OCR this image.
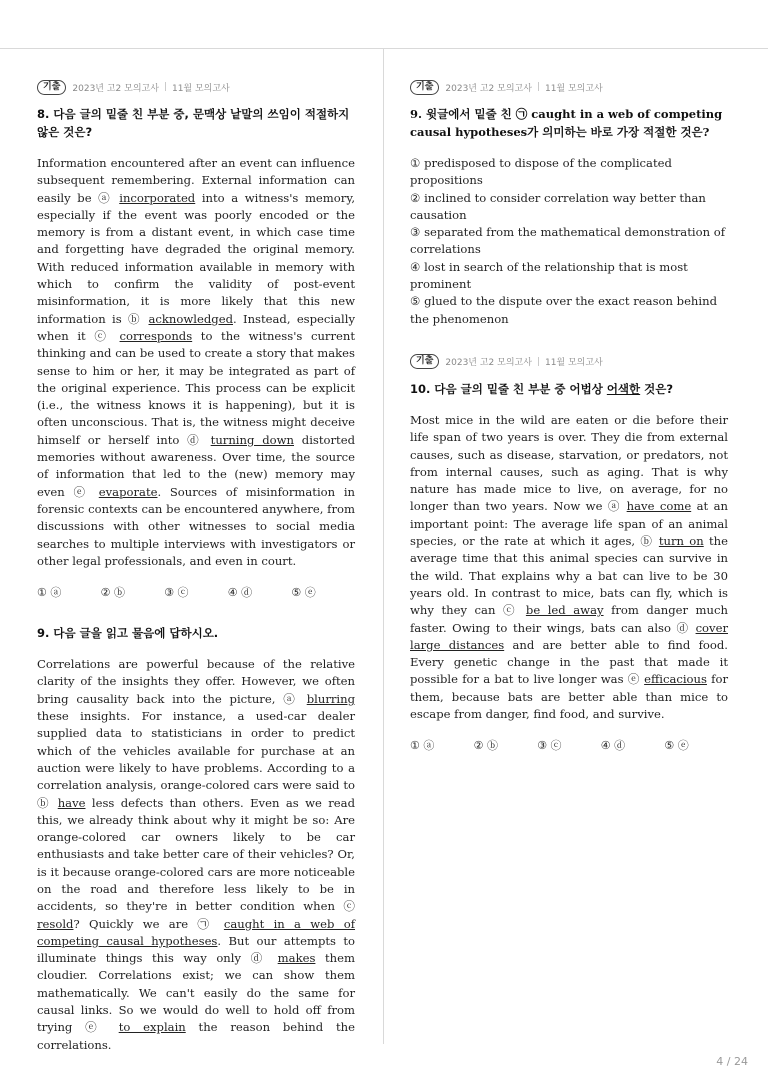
기출	2023년 고2 모의고사 | 11월 모의고사
8. 다음 글의 밑줄 친 부분 중, 문맥상 낱말의 쓰임이 적절하지 않은 것은?

Information encountered after an event can influence subsequent remembering. External information can easily be ⓐ incorporated into a witness's memory, especially if the event was poorly encoded or the memory is from a distant event, in which case time and forgetting have degraded the original memory. With reduced information available in memory with which to confirm the validity of post-event misinformation, it is more likely that this new information is ⓑ acknowledged. Instead, especially when it ⓒ corresponds to the witness's current thinking and can be used to create a story that makes sense to him or her, it may be integrated as part of the original experience. This process can be explicit (i.e., the witness knows it is happening), but it is often unconscious. That is, the witness might deceive himself or herself into ⓓ turning down distorted memories without awareness. Over time, the source of information that led to the (new) memory may even ⓔ evaporate. Sources of misinformation in forensic contexts can be encountered anywhere, from discussions with other witnesses to social media searches to multiple interviews with investigators or other legal professionals, and even in court.

① ⓐ	② ⓑ	③ ⓒ	④ ⓓ	⑤ ⓔ
9. 다음 글을 읽고 물음에 답하시오.

Correlations are powerful because of the relative clarity of the insights they offer. However, we often bring causality back into the picture, ⓐ blurring these insights. For instance, a used-car dealer supplied data to statisticians in order to predict which of the vehicles available for purchase at an auction were likely to have problems. According to a correlation analysis, orange-colored cars were said to ⓑ have less defects than others. Even as we read this, we already think about why it might be so: Are orange-colored car owners likely to be car enthusiasts and take better care of their vehicles? Or, is it because orange-colored cars are more noticeable on the road and therefore less likely to be in accidents, so they're in better condition when ⓒ resold? Quickly we are ㉠ caught in a web of competing causal hypotheses. But our attempts to illuminate things this way only ⓓ makes them cloudier. Correlations exist; we can show them mathematically. We can't easily do the same for causal links. So we would do well to hold off from trying ⓔ to explain the reason behind the correlations.

기출	2023년 고2 모의고사 | 11월 모의고사
9. 윗글에서 밑줄 친 ㉠ caught in a web of competing causal hypotheses가 의미하는 바로 가장 적절한 것은?

① predisposed to dispose of the complicated propositions

② inclined to consider correlation way better than causation

③ separated from the mathematical demonstration of correlations

④ lost in search of the relationship that is most prominent

⑤ glued to the dispute over the exact reason behind the phenomenon

기출	2023년 고2 모의고사 | 11월 모의고사
10. 다음 글의 밑줄 친 부분 중 어법상 어색한 것은?

Most mice in the wild are eaten or die before their life span of two years is over. They die from external causes, such as disease, starvation, or predators, not from internal causes, such as aging. That is why nature has made mice to live, on average, for no longer than two years. Now we ⓐ have come at an important point: The average life span of an animal species, or the rate at which it ages, ⓑ turn on the average time that this animal species can survive in the wild. That explains why a bat can live to be 30 years old. In contrast to mice, bats can fly, which is why they can ⓒ be led away from danger much faster. Owing to their wings, bats can also ⓓ cover large distances and are better able to find food. Every genetic change in the past that made it possible for a bat to live longer was ⓔ efficacious for them, because bats are better able than mice to escape from danger, find food, and survive.

① ⓐ	② ⓑ	③ ⓒ	④ ⓓ	⑤ ⓔ
4 / 24
